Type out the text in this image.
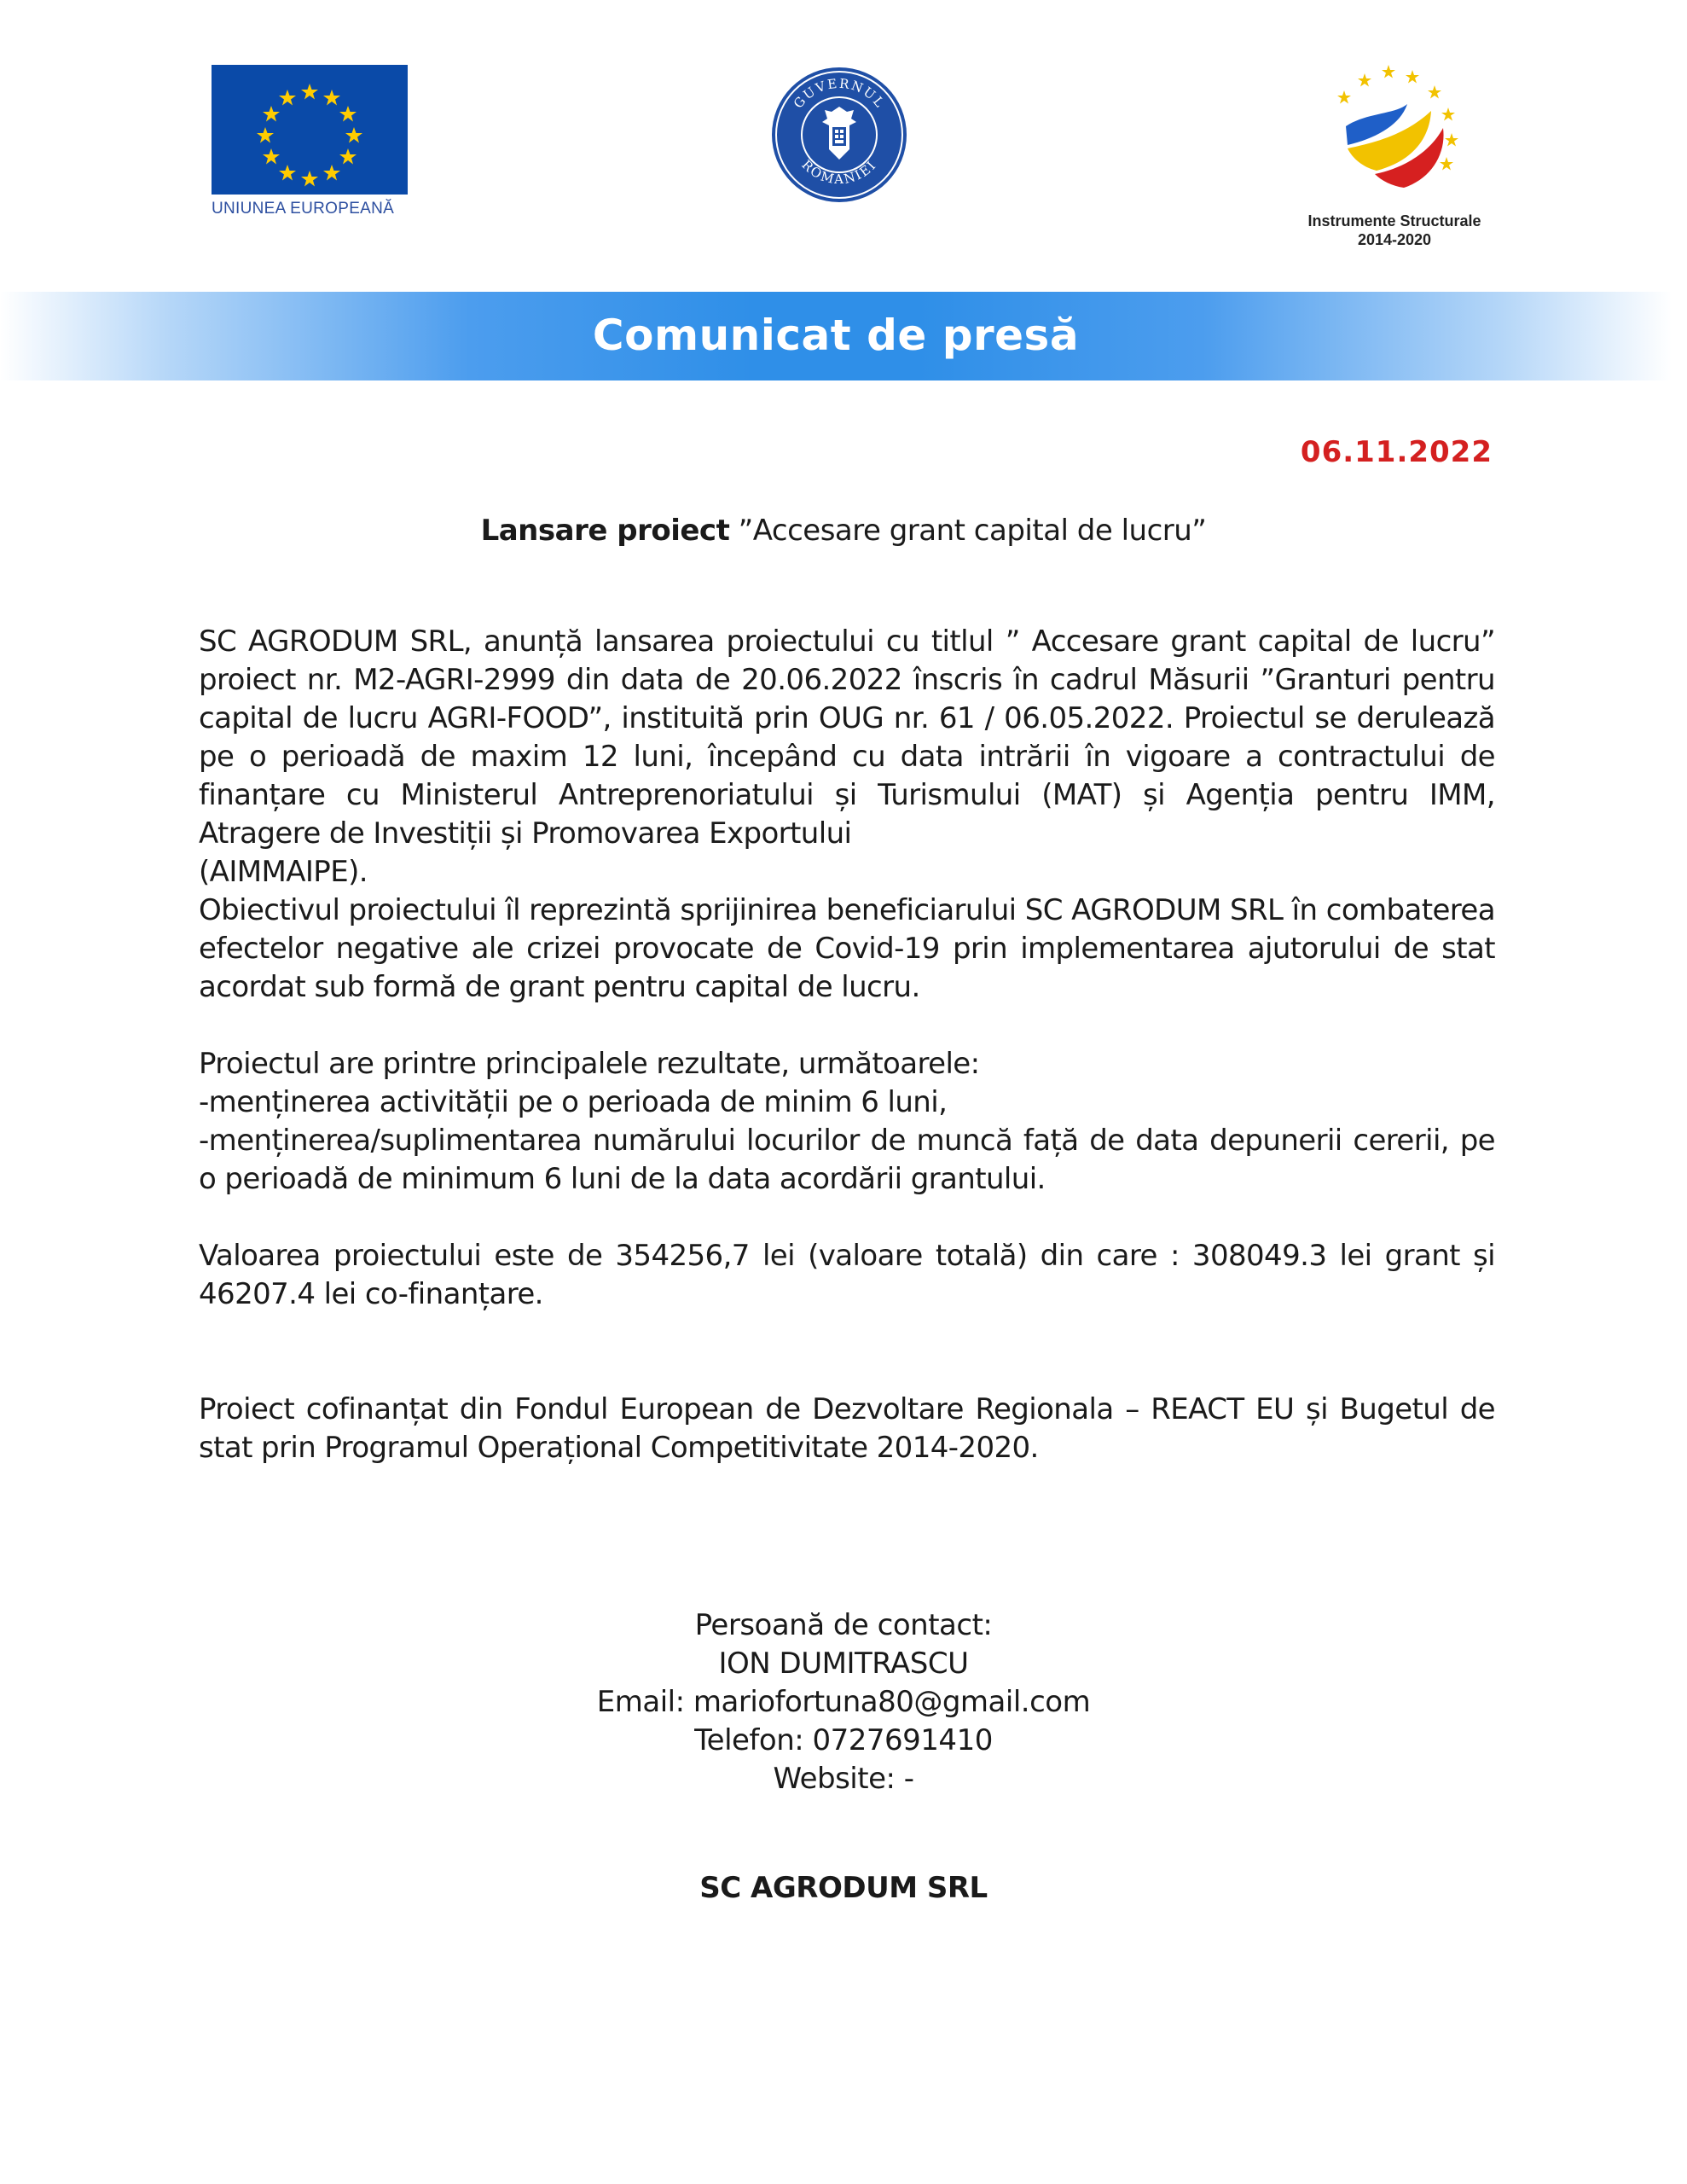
UNIUNEA EUROPEANĂ
GUVERNUL
ROMÂNIEI
Instrumente Structurale
2014-2020
Comunicat de presă
06.11.2022
Lansare proiect ”Accesare grant capital de lucru”

SC AGRODUM SRL, anunță lansarea proiectului cu titlul ” Accesare grant capital de lucru” proiect nr. M2-AGRI-2999 din data de 20.06.2022 înscris în cadrul Măsurii ”Granturi pentru capital de lucru AGRI-FOOD”, instituită prin OUG nr. 61 / 06.05.2022. Proiectul se derulează pe o perioadă de maxim 12 luni, începând cu data intrării în vigoare a contractului de finanțare cu Ministerul Antreprenoriatului și Turismului (MAT) și Agenția pentru IMM, Atragere de Investiții și Promovarea Exportului

(AIMMAIPE).

Obiectivul proiectului îl reprezintă sprijinirea beneficiarului SC AGRODUM SRL în combaterea efectelor negative ale crizei provocate de Covid-19 prin implementarea ajutorului de stat acordat sub formă de grant pentru capital de lucru.

Proiectul are printre principalele rezultate, următoarele:

-menținerea activității pe o perioada de minim 6 luni,

-menținerea/suplimentarea numărului locurilor de muncă față de data depunerii cererii, pe o perioadă de minimum 6 luni de la data acordării grantului.

Valoarea proiectului este de 354256,7 lei (valoare totală) din care : 308049.3 lei grant și 46207.4 lei co-finanțare.

Proiect cofinanțat din Fondul European de Dezvoltare Regionala – REACT EU și Bugetul de stat prin Programul Operațional Competitivitate 2014-2020.

Persoană de contact:
ION DUMITRASCU
Email: mariofortuna80@gmail.com
Telefon: 0727691410
Website: -
SC AGRODUM SRL
